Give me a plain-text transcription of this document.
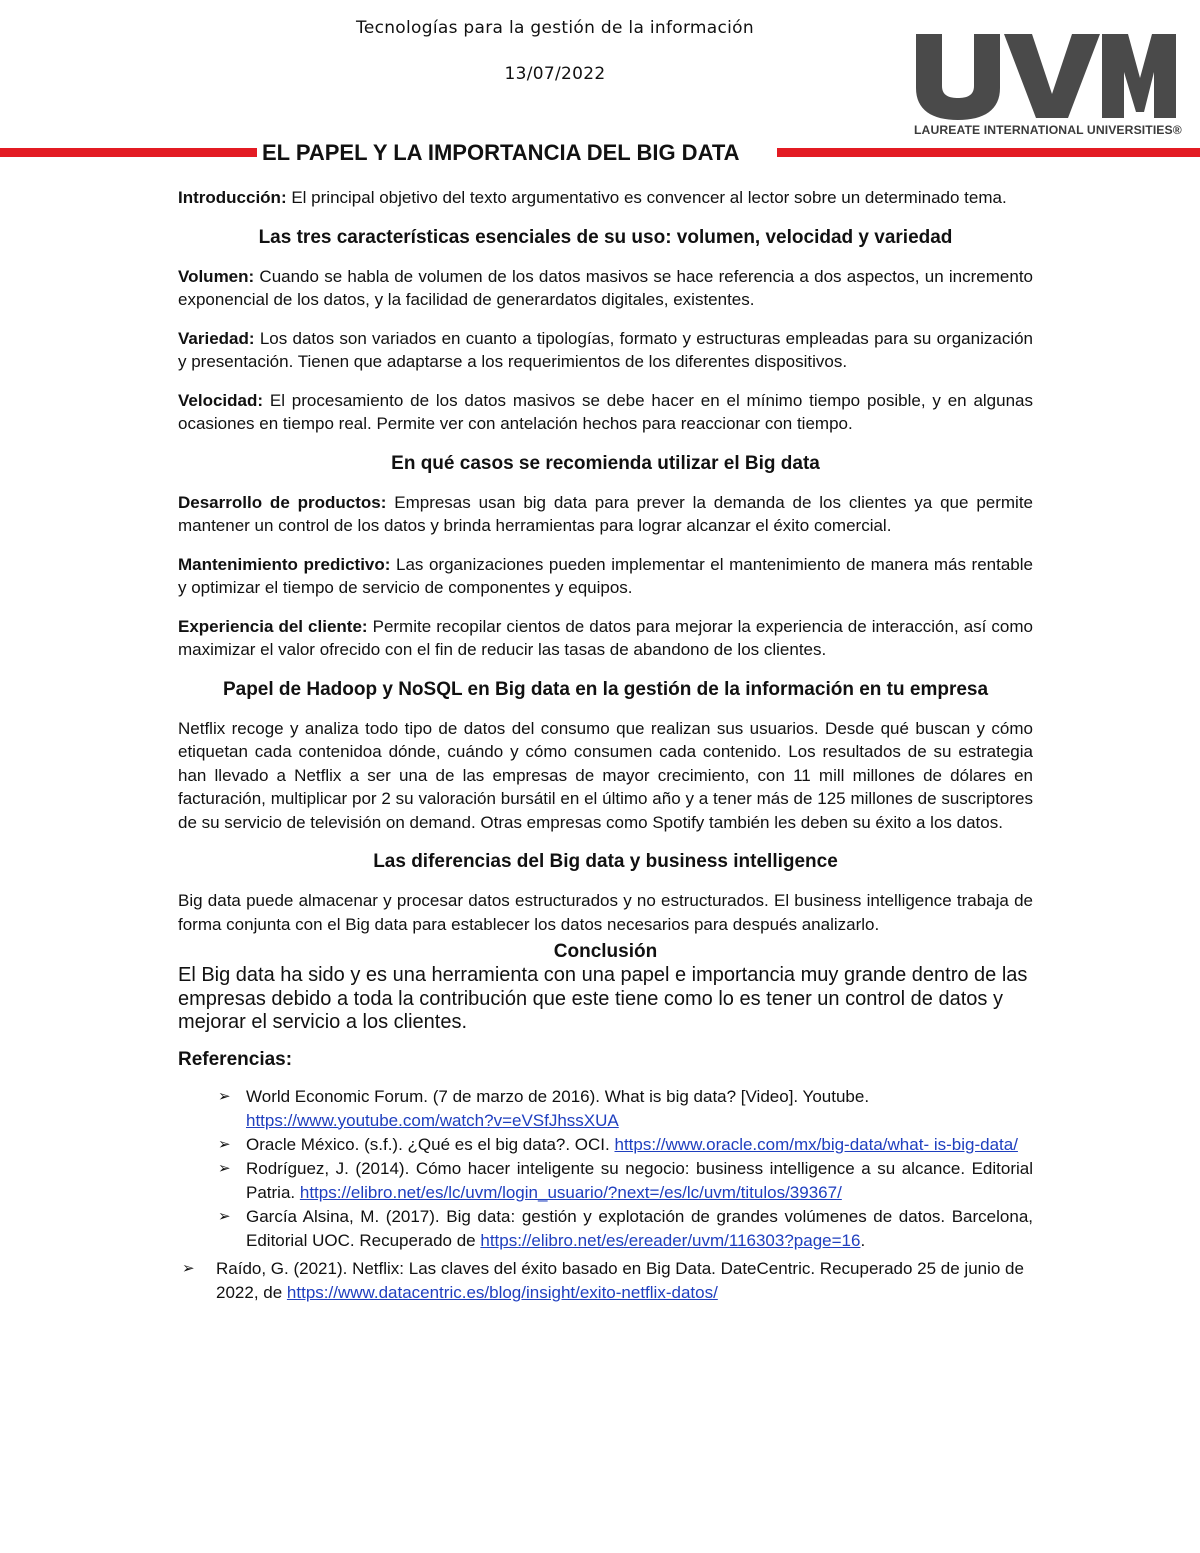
Tecnologías para la gestión de la información
13/07/2022
LAUREATE INTERNATIONAL UNIVERSITIES®
EL PAPEL Y LA IMPORTANCIA DEL BIG DATA

Introducción: El principal objetivo del texto argumentativo es convencer al lector sobre un determinado tema.

Las tres características esenciales de su uso: volumen, velocidad y variedad

Volumen: Cuando se habla de volumen de los datos masivos se hace referencia a dos aspectos, un incremento exponencial de los datos, y la facilidad de generardatos digitales, existentes.

Variedad: Los datos son variados en cuanto a tipologías, formato y estructuras empleadas para su organización y presentación. Tienen que adaptarse a los requerimientos de los diferentes dispositivos.

Velocidad: El procesamiento de los datos masivos se debe hacer en el mínimo tiempo posible, y en algunas ocasiones en tiempo real. Permite ver con antelación hechos para reaccionar con tiempo.

En qué casos se recomienda utilizar el Big data

Desarrollo de productos: Empresas usan big data para prever la demanda de los clientes ya que permite mantener un control de los datos y brinda herramientas para lograr alcanzar el éxito comercial.

Mantenimiento predictivo: Las organizaciones pueden implementar el mantenimiento de manera más rentable y optimizar el tiempo de servicio de componentes y equipos.

Experiencia del cliente: Permite recopilar cientos de datos para mejorar la experiencia de interacción, así como maximizar el valor ofrecido con el fin de reducir las tasas de abandono de los clientes.

Papel de Hadoop y NoSQL en Big data en la gestión de la información en tu empresa

Netflix recoge y analiza todo tipo de datos del consumo que realizan sus usuarios. Desde qué buscan y cómo etiquetan cada contenidoa dónde, cuándo y cómo consumen cada contenido. Los resultados de su estrategia han llevado a Netflix a ser una de las empresas de mayor crecimiento, con 11 mill millones de dólares en facturación, multiplicar por 2 su valoración bursátil en el último año y a tener más de 125 millones de suscriptores de su servicio de televisión on demand. Otras empresas como Spotify también les deben su éxito a los datos.

Las diferencias del Big data y business intelligence

Big data puede almacenar y procesar datos estructurados y no estructurados. El business intelligence trabaja de forma conjunta con el Big data para establecer los datos necesarios para después analizarlo.

Conclusión

El Big data ha sido y es una herramienta con una papel e importancia muy grande dentro de las empresas debido a toda la contribución que este tiene como lo es tener un control de datos y mejorar el servicio a los clientes.

Referencias:
➢ World Economic Forum. (7 de marzo de 2016). What is big data? [Video]. Youtube.
https://www.youtube.com/watch?v=eVSfJhssXUA
➢ Oracle México. (s.f.). ¿Qué es el big data?. OCI. https://www.oracle.com/mx/big-data/what- is-big-data/
➢ Rodríguez, J. (2014). Cómo hacer inteligente su negocio: business intelligence a su alcance. Editorial Patria. https://elibro.net/es/lc/uvm/login_usuario/?next=/es/lc/uvm/titulos/39367/
➢ García Alsina, M. (2017). Big data: gestión y explotación de grandes volúmenes de datos. Barcelona, Editorial UOC. Recuperado de https://elibro.net/es/ereader/uvm/116303?page=16.
➢ Raído, G. (2021). Netflix: Las claves del éxito basado en Big Data. DateCentric. Recuperado 25 de junio de 2022, de https://www.datacentric.es/blog/insight/exito-netflix-datos/
